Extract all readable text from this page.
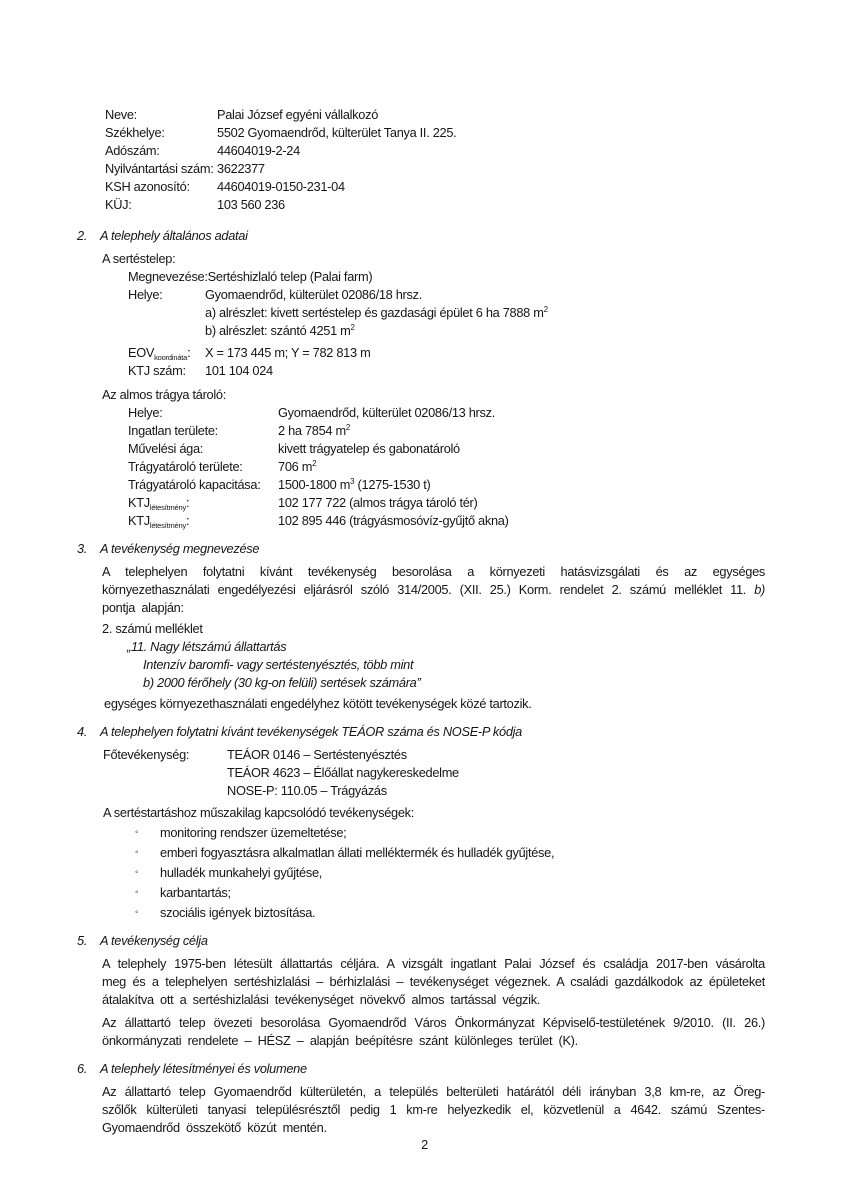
Neve:	Palai József egyéni vállalkozó
Székhelye:	5502 Gyomaendrőd, külterület Tanya II. 225.
Adószám:	44604019-2-24
Nyilvántartási szám: 3622377
KSH azonosító:	44604019-0150-231-04
KÜJ:	103 560 236
2. A telephely általános adatai
A sertéstelep:
Megnevezése: Sertéshizlaló telep (Palai farm)
Helye:	Gyomaendrőd, külterület 02086/18 hrsz.
a) alrészlet: kivett sertéstelep és gazdasági épület 6 ha 7888 $m^2$
b) alrészlet: szántó 4251 $m^2$
$EOV_{koordináta}$:	X = 173 445 m; Y = 782 813 m
KTJ szám:	101 104 024
Az almos trágya tároló:
Helye:	Gyomaendrőd, külterület 02086/13 hrsz.
Ingatlan területe:	2 ha 7854 $m^2$
Művelési ága:	kivett trágyatelep és gabonatároló
Trágyatároló területe:	706 $m^2$
Trágyatároló kapacitása:	1500-1800 $m^3$ (1275-1530 t)
$KTJ_{létesítmény}$:	102 177 722 (almos trágya tároló tér)
$KTJ_{létesítmény}$:	102 895 446 (trágyásmosóvíz-gyűjtő akna)
3. A tevékenység megnevezése

A telephelyen folytatni kívánt tevékenység besorolása a környezeti hatásvizsgálati és az egységes környezethasználati engedélyezési eljárásról szóló 314/2005. (XII. 25.) Korm. rendelet 2. számú melléklet 11. b) pontja alapján:

2. számú melléklet
„11. Nagy létszámú állattartás
Intenzív baromfi- vagy sertéstenyésztés, több mint
b) 2000 férőhely (30 kg-on felüli) sertések számára”
egységes környezethasználati engedélyhez kötött tevékenységek közé tartozik.
4. A telephelyen folytatni kívánt tevékenységek TEÁOR száma és NOSE-P kódja
Főtevékenység:	TEÁOR 0146 – Sertéstenyésztés
TEÁOR 4623 – Élőállat nagykereskedelme
NOSE-P: 110.05 – Trágyázás
A sertéstartáshoz műszakilag kapcsolódó tevékenységek:
◦	monitoring rendszer üzemeltetése;
◦	emberi fogyasztásra alkalmatlan állati melléktermék és hulladék gyűjtése,
◦	hulladék munkahelyi gyűjtése,
◦	karbantartás;
◦	szociális igények biztosítása.
5. A tevékenység célja

A telephely 1975-ben létesült állattartás céljára. A vizsgált ingatlant Palai József és családja 2017-ben vásárolta meg és a telephelyen sertéshizlalási – bérhizlalási – tevékenységet végeznek. A családi gazdálkodok az épületeket átalakítva ott a sertéshizlalási tevékenységet növekvő almos tartással végzik.

Az állattartó telep övezeti besorolása Gyomaendrőd Város Önkormányzat Képviselő-testületének 9/2010. (II. 26.) önkormányzati rendelete – HÉSZ – alapján beépítésre szánt különleges terület (K).

6. A telephely létesítményei és volumene

Az állattartó telep Gyomaendrőd külterületén, a település belterületi határától déli irányban 3,8 km-re, az Öreg-szőlők külterületi tanyasi településrésztől pedig 1 km-re helyezkedik el, közvetlenül a 4642. számú Szentes-Gyomaendrőd összekötő közút mentén.

2
